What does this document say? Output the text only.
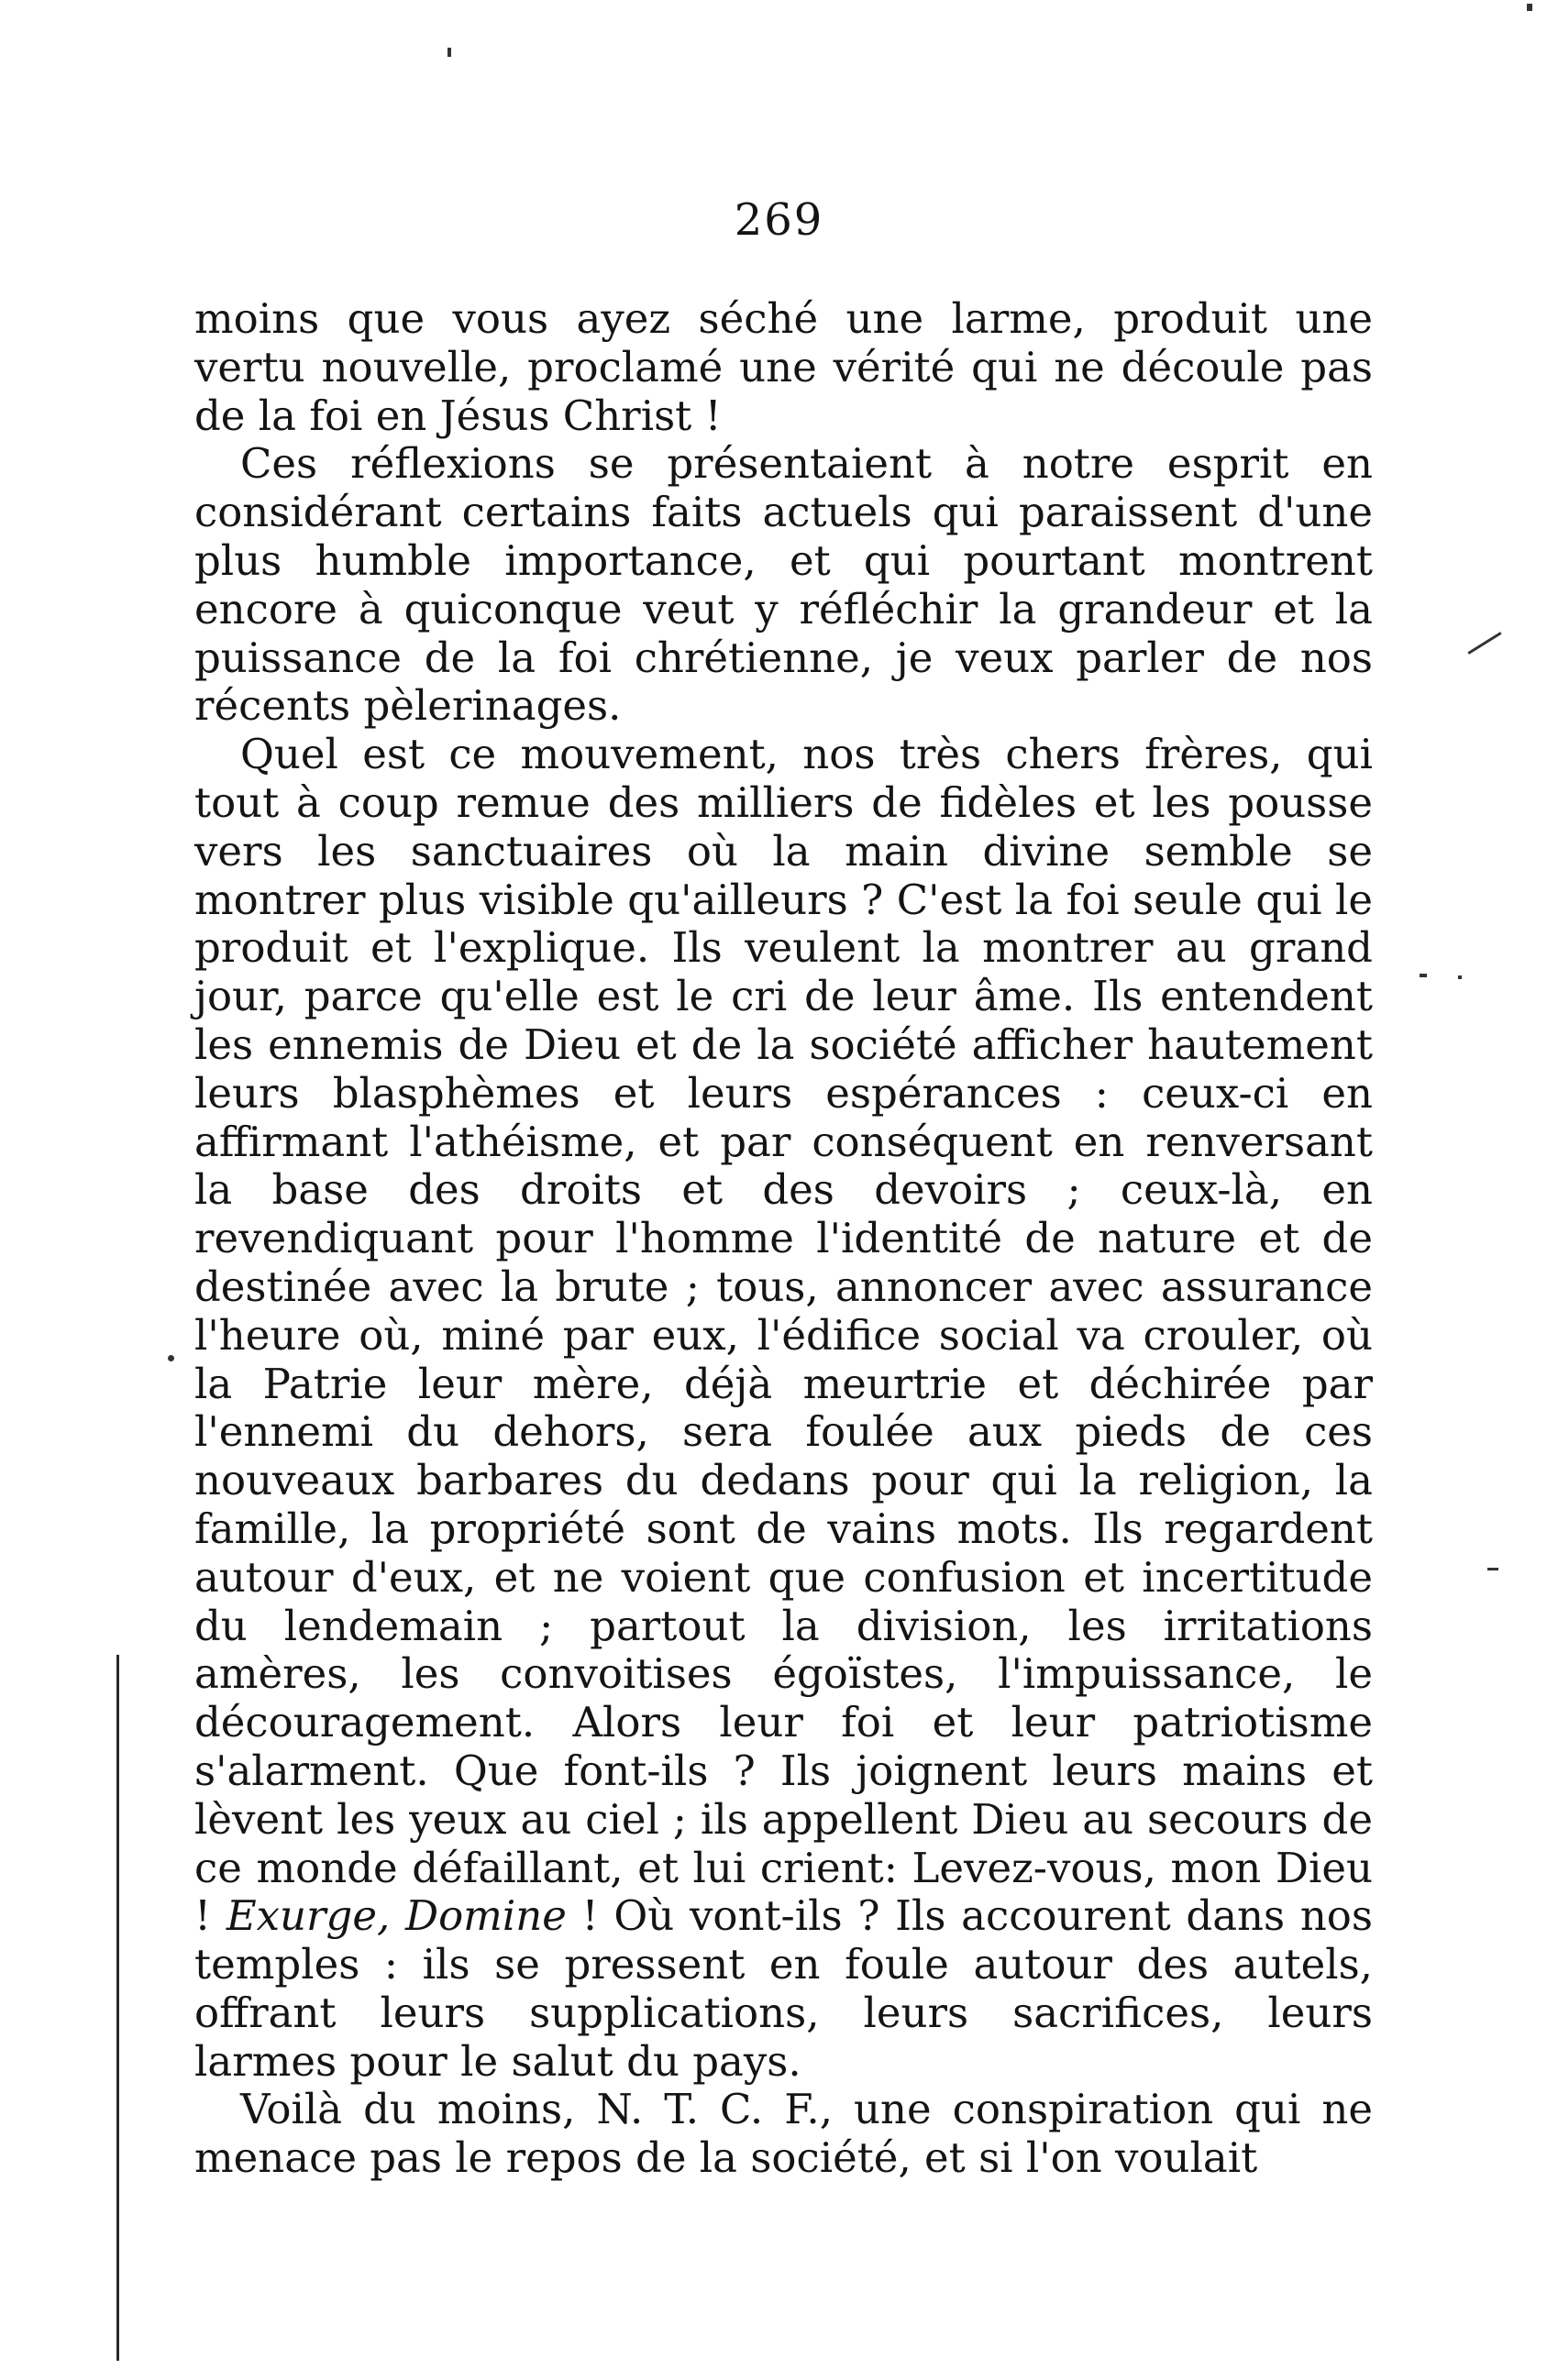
269

moins que vous ayez séché une larme, produit une vertu nouvelle, proclamé une vérité qui ne découle pas de la foi en Jésus Christ !

Ces réflexions se présentaient à notre esprit en considérant certains faits actuels qui paraissent d'une plus humble importance, et qui pourtant montrent encore à quiconque veut y réfléchir la grandeur et la puissance de la foi chrétienne, je veux parler de nos récents pèlerinages.

Quel est ce mouvement, nos très chers frères, qui tout à coup remue des milliers de fidèles et les pousse vers les sanctuaires où la main divine semble se montrer plus visible qu'ailleurs ? C'est la foi seule qui le produit et l'explique. Ils veulent la montrer au grand jour, parce qu'elle est le cri de leur âme. Ils entendent les ennemis de Dieu et de la société afficher hautement leurs blasphèmes et leurs espérances : ceux-ci en affirmant l'athéisme, et par conséquent en renversant la base des droits et des devoirs ; ceux-là, en revendiquant pour l'homme l'identité de nature et de destinée avec la brute ; tous, annoncer avec assurance l'heure où, miné par eux, l'édifice social va crouler, où la Patrie leur mère, déjà meurtrie et déchirée par l'ennemi du dehors, sera foulée aux pieds de ces nouveaux barbares du dedans pour qui la religion, la famille, la propriété sont de vains mots. Ils regardent autour d'eux, et ne voient que confusion et incertitude du lendemain ; partout la division, les irritations amères, les convoitises égoïstes, l'impuissance, le découragement. Alors leur foi et leur patriotisme s'alarment. Que font-ils ? Ils joignent leurs mains et lèvent les yeux au ciel ; ils appellent Dieu au secours de ce monde défaillant, et lui crient: Levez-vous, mon Dieu ! Exurge, Domine ! Où vont-ils ? Ils accourent dans nos temples : ils se pressent en foule autour des autels, offrant leurs supplications, leurs sacrifices, leurs larmes pour le salut du pays.

Voilà du moins, N. T. C. F., une conspiration qui ne menace pas le repos de la société, et si l'on voulait
